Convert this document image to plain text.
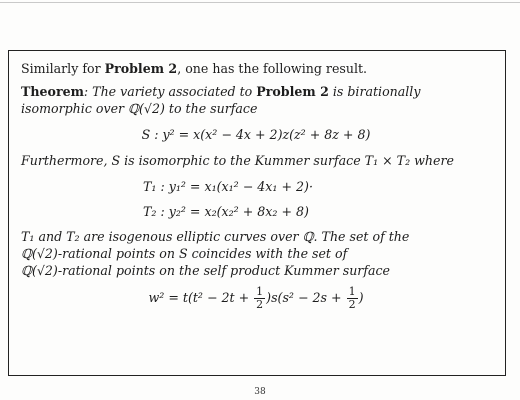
Similarly for Problem 2, one has the following result.
Theorem: The variety associated to Problem 2 is birationally
isomorphic over ℚ(√2) to the surface
S : y² = x(x² − 4x + 2)z(z² + 8z + 8)
Furthermore, S is isomorphic to the Kummer surface T₁ × T₂ where
T₁ : y₁² = x₁(x₁² − 4x₁ + 2)·
T₂ : y₂² = x₂(x₂² + 8x₂ + 8)
T₁ and T₂ are isogenous elliptic curves over ℚ. The set of the
ℚ(√2)-rational points on S coincides with the set of
ℚ(√2)-rational points on the self product Kummer surface
$w^2 = t(t^2 - 2t + \frac{1}{2} )s(s^2 - 2s + \frac{1}{2}$ )
38
